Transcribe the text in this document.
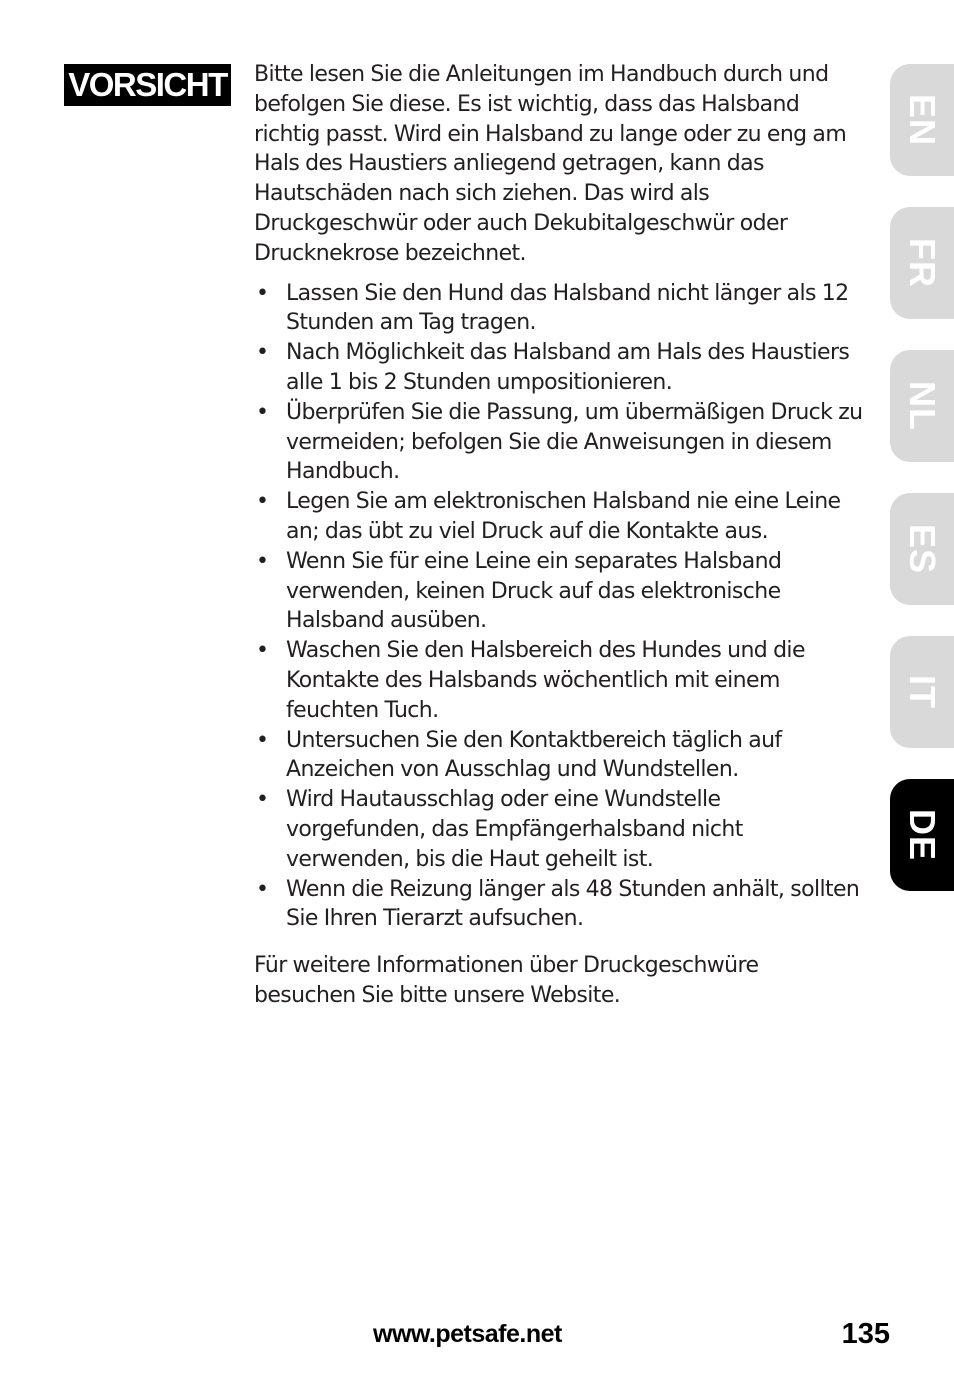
VORSICHT Bitte lesen Sie die Anleitungen im Handbuch durch und befolgen Sie diese. Es ist wichtig, dass das Halsband richtig passt. Wird ein Halsband zu lange oder zu eng am Hals des Haustiers anliegend getragen, kann das Hautschäden nach sich ziehen. Das wird als Druckgeschwür oder auch Dekubitalgeschwür oder Drucknekrose bezeichnet.

• Lassen Sie den Hund das Halsband nicht länger als 12 Stunden am Tag tragen.
• Nach Möglichkeit das Halsband am Hals des Haustiers alle 1 bis 2 Stunden umpositionieren.
• Überprüfen Sie die Passung, um übermäßigen Druck zu vermeiden; befolgen Sie die Anweisungen in diesem Handbuch.
• Legen Sie am elektronischen Halsband nie eine Leine an; das übt zu viel Druck auf die Kontakte aus.
• Wenn Sie für eine Leine ein separates Halsband verwenden, keinen Druck auf das elektronische Halsband ausüben.
• Waschen Sie den Halsbereich des Hundes und die Kontakte des Halsbands wöchentlich mit einem feuchten Tuch.
• Untersuchen Sie den Kontaktbereich täglich auf Anzeichen von Ausschlag und Wundstellen.
• Wird Hautausschlag oder eine Wundstelle vorgefunden, das Empfängerhalsband nicht verwenden, bis die Haut geheilt ist.
• Wenn die Reizung länger als 48 Stunden anhält, sollten Sie Ihren Tierarzt aufsuchen.

Für weitere Informationen über Druckgeschwüre besuchen Sie bitte unsere Website.

EN
FR
NL
ES
IT
DE
www.petsafe.net	135
